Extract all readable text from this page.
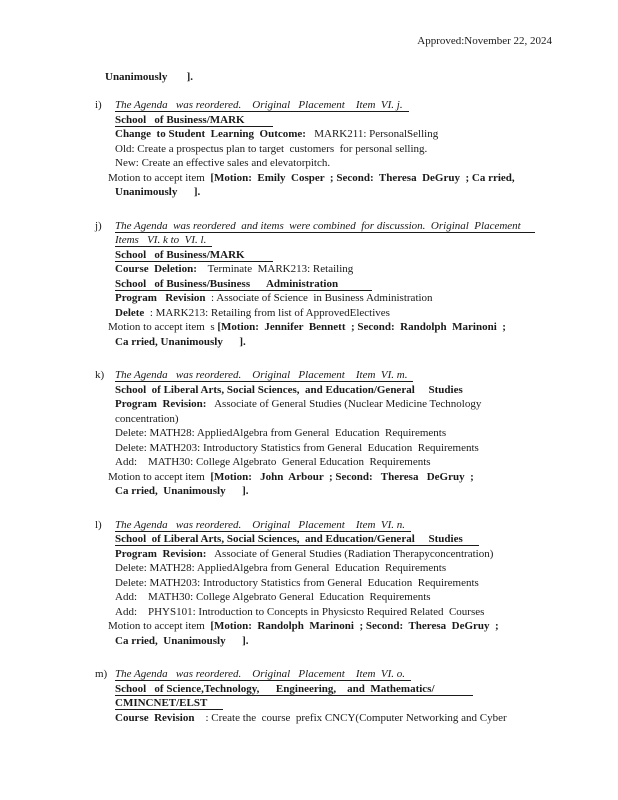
Approved:November 22, 2024
Unanimously       ].
i)	The Agenda   was reordered.    Original   Placement    Item  VI. j.
School   of Business/MARK
Change  to Student  Learning  Outcome:   MARK211: PersonalSelling
Old: Create a prospectus plan to target  customers  for personal selling.
New: Create an effective sales and elevatorpitch.
Motion to accept item  [Motion:  Emily  Cosper  ; Second:  Theresa  DeGruy  ; Ca rried,
Unanimously      ].
j)	The Agenda  was reordered  and items  were combined  for discussion.  Original  Placement
Items   VI. k to  VI. l.
School   of Business/MARK
Course  Deletion:    Terminate  MARK213: Retailing
School   of Business/Business      Administration
Program   Revision  : Associate of Science  in Business Administration
Delete  : MARK213: Retailing from list of ApprovedElectives
Motion to accept item  s [Motion:  Jennifer  Bennett  ; Second:  Randolph  Marinoni  ;
Ca rried, Unanimously      ].
k) The Agenda   was reordered.    Original   Placement    Item  VI. m.
School  of Liberal Arts, Social Sciences,  and Education/General     Studies
Program  Revision:   Associate of General Studies (Nuclear Medicine Technology
concentration)
Delete: MATH28: AppliedAlgebra from General  Education  Requirements
Delete: MATH203: Introductory Statistics from General  Education  Requirements
Add:    MATH30: College Algebrato  General Education  Requirements
Motion to accept item  [Motion:   John  Arbour  ; Second:   Theresa   DeGruy  ;
Ca rried,  Unanimously      ].
l)	The Agenda   was reordered.    Original   Placement    Item  VI. n.
School  of Liberal Arts, Social Sciences,  and Education/General     Studies
Program  Revision:   Associate of General Studies (Radiation Therapyconcentration)
Delete: MATH28: AppliedAlgebra from General  Education  Requirements
Delete: MATH203: Introductory Statistics from General  Education  Requirements
Add:    MATH30: College Algebrato General  Education  Requirements
Add:    PHYS101: Introduction to Concepts in Physicsto Required Related  Courses
Motion to accept item  [Motion:  Randolph  Marinoni  ; Second:  Theresa  DeGruy  ;
Ca rried,  Unanimously      ].
m) The Agenda   was reordered.    Original   Placement    Item  VI. o.
School   of Science,Technology,      Engineering,    and  Mathematics/
CMINCNET/ELST
Course  Revision    : Create the  course  prefix CNCY(Computer Networking and Cyber
